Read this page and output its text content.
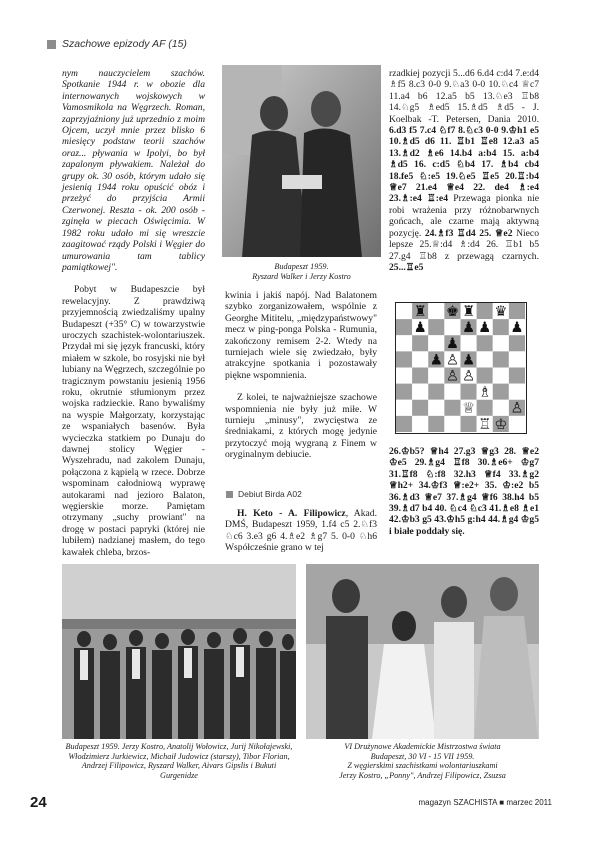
Szachowe epizody AF (15)

nym nauczycielem szachów. Spotkanie 1944 r. w obozie dla internowanych wojskowych w Vamosmikola na Węgrzech. Roman, zaprzyjaźniony już uprzednio z moim Ojcem, uczył mnie przez blisko 6 miesięcy podstaw teorii szachów oraz... pływania w Ipolyi, bo był zapalonym pływakiem. Należał do grupy ok. 30 osób, którym udało się jesienią 1944 roku opuścić obóz i przeżyć do przyjścia Armii Czerwonej. Reszta - ok. 200 osób - zginęła w piecach Oświęcimia. W 1982 roku udało mi się wreszcie zaagitować rządy Polski i Węgier do umurowania tam tablicy pamiątkowej".

Pobyt w Budapeszcie był rewelacyjny. Z prawdziwą przyjemnością zwiedzaliśmy upalny Budapeszt (+35° C) w towarzystwie uroczych szachistek-wolontariuszek. Przydał mi się język francuski, który miałem w szkole, bo rosyjski nie był lubiany na Węgrzech, szczególnie po tragicznym powstaniu jesienią 1956 roku, okrutnie stłumionym przez wojska radzieckie. Rano bywaliśmy na wyspie Małgorzaty, korzystając ze wspaniałych basenów. Była wycieczka statkiem po Dunaju do dawnej stolicy Węgier - Wyszehradu, nad zakolem Dunaju, połączona z kąpielą w rzece. Dobrze wspominam całodniową wyprawę autokarami nad jezioro Balaton, węgierskie morze. Pamiętam otrzymany „suchy prowiant" na drogę w postaci papryki (której nie lubiłem) nadzianej masłem, do tego kawałek chleba, brzos-

Budapeszt 1959.
Ryszard Walker i Jerzy Kostro

kwinia i jakiś napój. Nad Balatonem szybko zorganizowałem, wspólnie z Georghe Mititelu, „międzypaństwowy" mecz w ping-ponga Polska - Rumunia, zakończony remisem 2-2. Wtedy na turniejach wiele się zwiedzało, były atrakcyjne spotkania i pozostawały piękne wspomnienia.

Z kolei, te najważniejsze szachowe wspomnienia nie były już miłe. W turnieju „minusy", zwycięstwa ze średniakami, z których mogę jedynie przytoczyć moją wygraną z Finem w oryginalnym debiucie.

Debiut Birda A02

H. Keto - A. Filipowicz, Akad. DMŚ, Budapeszt 1959, 1.f4 c5 2.♘f3 ♘c6 3.e3 g6 4.♗e2 ♗g7 5. 0-0 ♘h6 Współcześnie grano w tej

rzadkiej pozycji 5...d6 6.d4 c:d4 7.e:d4 ♗f5 8.c3 0-0 9.♘a3 0-0 10.♘c4 ♕c7 11.a4 b6 12.a5 b5 13.♘e3 ♖b8 14.♘g5 ♗ed5 15.♗d5 ♗d5 - J. Koelbak -T. Petersen, Dania 2010. 6.d3 f5 7.c4 ♘f7 8.♘c3 0-0 9.♔h1 e5 10.♗d5 d6 11. ♖b1 ♖e8 12.a3 a5 13.♗d2 ♗e6 14.b4 a:b4 15. a:b4 ♗d5 16. c:d5 ♘b4 17. ♗b4 cb4 18.fe5 ♘:e5 19.♘e5 ♖e5 20.♖:b4 ♕e7 21.e4 ♕e4 22. de4 ♗:e4 23.♗:e4 ♖:e4 Przewaga pionka nie robi wrażenia przy różnobarwnych gońcach, ale czarne mają aktywną pozycję. 24.♗f3 ♖d4 25. ♕e2 Nieco lepsze 25.♕:d4 ♗:d4 26. ♖b1 b5 27.g4 ♖b8 z przewagą czarnych. 25...♖e5

♜ ♚ ♜ ♛
♟ ♟ ♟ ♟
♟
♟ ♙ ♟
♙ ♙
♗
♕ ♙
♖ ♔

26.♔b5? ♕h4 27.g3 ♕g3 28. ♕e2 ♔e5 29.♗g4 ♖f8 30.♗e6+ ♔g7 31.♖f8 ♘:f8 32.h3 ♕f4 33.♗g2 ♕h2+ 34.♔f3 ♕:e2+ 35. ♔:e2 b5 36.♗d3 ♕e7 37.♗g4 ♕f6 38.h4 b5 39.♗d7 b4 40. ♘c4 ♘c3 41.♗e8 ♗e1 42.♔b3 g5 43.♔h5 g:h4 44.♗g4 ♔g5 i białe poddały się.

Budapeszt 1959. Jerzy Kostro, Anatolij Wołowicz, Jurij Nikołajewski, Włodzimierz Jurkiewicz, Michaił Judowicz (starszy), Tibor Florian, Andrzej Filipowicz, Ryszard Walker, Aivars Gipslis i Bukuti Gurgenidze
VI Drużynowe Akademickie Mistrzostwa świata
Budapeszt, 30 VI - 15 VII 1959.
Z węgierskimi szachistkami wolontariuszkami
Jerzy Kostro, „Ponny", Andrzej Filipowicz, Zsuzsa
24	magazyn SZACHISTA ■ marzec 2011
